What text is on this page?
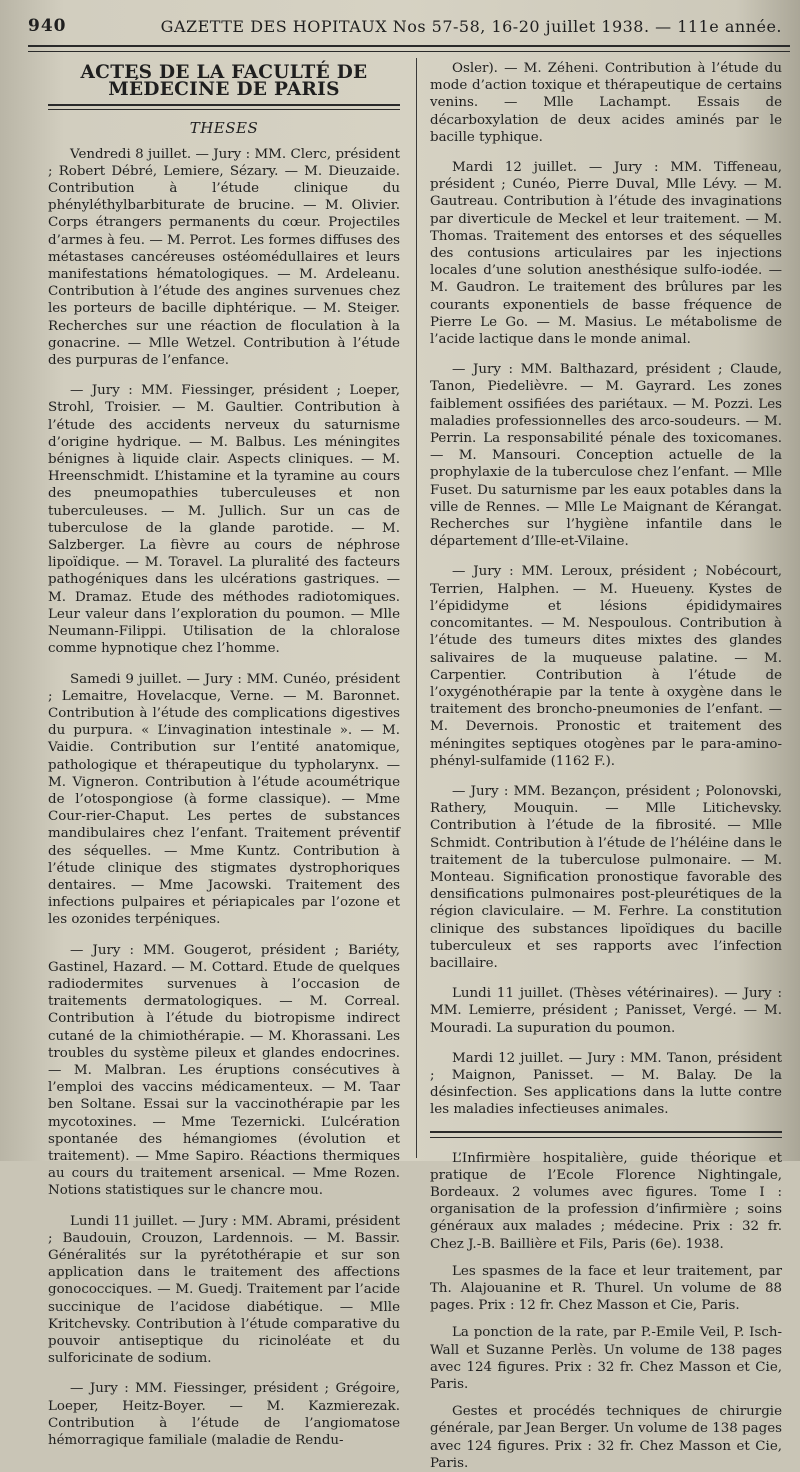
940	GAZETTE DES HOPITAUX Nos 57-58, 16-20 juillet 1938. — 111e année.
ACTES DE LA FACULTÉ DE MÉDECINE DE PARIS
THESES

Vendredi 8 juillet. — Jury : MM. Clerc, président ; Robert Débré, Lemiere, Sézary. — M. Dieuzaide. Contribution à l’étude clinique du phényléthylbarbiturate de brucine. — M. Olivier. Corps étrangers permanents du cœur. Projectiles d’armes à feu. — M. Perrot. Les formes diffuses des métastases cancéreuses ostéomédullaires et leurs manifestations hématologiques. — M. Ardeleanu. Contribution à l’étude des angines survenues chez les porteurs de bacille diphtérique. — M. Steiger. Recherches sur une réaction de floculation à la gonacrine. — Mlle Wetzel. Contribution à l’étude des purpuras de l’enfance.

— Jury : MM. Fiessinger, président ; Loeper, Strohl, Troisier. — M. Gaultier. Contribution à l’étude des accidents nerveux du saturnisme d’origine hydrique. — M. Balbus. Les méningites bénignes à liquide clair. Aspects cliniques. — M. Hreenschmidt. L’histamine et la tyramine au cours des pneumopathies tuberculeuses et non tuberculeuses. — M. Jullich. Sur un cas de tuberculose de la glande parotide. — M. Salzberger. La fièvre au cours de néphrose lipoïdique. — M. Toravel. La pluralité des facteurs pathogéniques dans les ulcérations gastriques. — M. Dramaz. Etude des méthodes radiotomiques. Leur valeur dans l’exploration du poumon. — Mlle Neumann-Filippi. Utilisation de la chloralose comme hypnotique chez l’homme.

Samedi 9 juillet. — Jury : MM. Cunéo, président ; Lemaitre, Hovelacque, Verne. — M. Baronnet. Contribution à l’étude des complications digestives du purpura. « L’invagination intestinale ». — M. Vaidie. Contribution sur l’entité anatomique, pathologique et thérapeutique du typholarynx. — M. Vigneron. Contribution à l’étude acoumétrique de l’otospongiose (à forme classique). — Mme Cour-rier-Chaput. Les pertes de substances mandibulaires chez l’enfant. Traitement préventif des séquelles. — Mme Kuntz. Contribution à l’étude clinique des stigmates dystrophoriques dentaires. — Mme Jacowski. Traitement des infections pulpaires et périapicales par l’ozone et les ozonides terpéniques.

— Jury : MM. Gougerot, président ; Bariéty, Gastinel, Hazard. — M. Cottard. Etude de quelques radiodermites survenues à l’occasion de traitements dermatologiques. — M. Correal. Contribution à l’étude du biotropisme indirect cutané de la chimiothérapie. — M. Khorassani. Les troubles du système pileux et glandes endocrines. — M. Malbran. Les éruptions consécutives à l’emploi des vaccins médicamenteux. — M. Taar ben Soltane. Essai sur la vaccinothérapie par les mycotoxines. — Mme Tezernicki. L’ulcération spontanée des hémangiomes (évolution et traitement). — Mme Sapiro. Réactions thermiques au cours du traitement arsenical. — Mme Rozen. Notions statistiques sur le chancre mou.

Lundi 11 juillet. — Jury : MM. Abrami, président ; Baudouin, Crouzon, Lardennois. — M. Bassir. Généralités sur la pyrétothérapie et sur son application dans le traitement des affections gonococciques. — M. Guedj. Traitement par l’acide succinique de l’acidose diabétique. — Mlle Kritchevsky. Contribution à l’étude comparative du pouvoir antiseptique du ricinoléate et du sulforicinate de sodium.

— Jury : MM. Fiessinger, président ; Grégoire, Loeper, Heitz-Boyer. — M. Kazmierezak. Contribution à l’étude de l’angiomatose hémorragique familiale (maladie de Rendu-

Osler). — M. Zéheni. Contribution à l’étude du mode d’action toxique et thérapeutique de certains venins. — Mlle Lachampt. Essais de décarboxylation de deux acides aminés par le bacille typhique.

Mardi 12 juillet. — Jury : MM. Tiffeneau, président ; Cunéo, Pierre Duval, Mlle Lévy. — M. Gautreau. Contribution à l’étude des invaginations par diverticule de Meckel et leur traitement. — M. Thomas. Traitement des entorses et des séquelles des contusions articulaires par les injections locales d’une solution anesthésique sulfo-iodée. — M. Gaudron. Le traitement des brûlures par les courants exponentiels de basse fréquence de Pierre Le Go. — M. Masius. Le métabolisme de l’acide lactique dans le monde animal.

— Jury : MM. Balthazard, président ; Claude, Tanon, Piedelièvre. — M. Gayrard. Les zones faiblement ossifiées des pariétaux. — M. Pozzi. Les maladies professionnelles des arco-soudeurs. — M. Perrin. La responsabilité pénale des toxicomanes. — M. Mansouri. Conception actuelle de la prophylaxie de la tuberculose chez l’enfant. — Mlle Fuset. Du saturnisme par les eaux potables dans la ville de Rennes. — Mlle Le Maignant de Kérangat. Recherches sur l’hygiène infantile dans le département d’Ille-et-Vilaine.

— Jury : MM. Leroux, président ; Nobécourt, Terrien, Halphen. — M. Hueueny. Kystes de l’épididyme et lésions épididymaires concomitantes. — M. Nespoulous. Contribution à l’étude des tumeurs dites mixtes des glandes salivaires de la muqueuse palatine. — M. Carpentier. Contribution à l’étude de l’oxygénothérapie par la tente à oxygène dans le traitement des broncho-pneumonies de l’enfant. — M. Devernois. Pronostic et traitement des méningites septiques otogènes par le para-amino-phényl-sulfamide (1162 F.).

— Jury : MM. Bezançon, président ; Polonovski, Rathery, Mouquin. — Mlle Litichevsky. Contribution à l’étude de la fibrosité. — Mlle Schmidt. Contribution à l’étude de l’héléine dans le traitement de la tuberculose pulmonaire. — M. Monteau. Signification pronostique favorable des densifications pulmonaires post-pleurétiques de la région claviculaire. — M. Ferhre. La constitution clinique des substances lipoïdiques du bacille tuberculeux et ses rapports avec l’infection bacillaire.

Lundi 11 juillet. (Thèses vétérinaires). — Jury : MM. Lemierre, président ; Panisset, Vergé. — M. Mouradi. La supuration du poumon.

Mardi 12 juillet. — Jury : MM. Tanon, président ; Maignon, Panisset. — M. Balay. De la désinfection. Ses applications dans la lutte contre les maladies infectieuses animales.

L’Infirmière hospitalière, guide théorique et pratique de l’Ecole Florence Nightingale, Bordeaux. 2 volumes avec figures. Tome I : organisation de la profession d’infirmière ; soins généraux aux malades ; médecine. Prix : 32 fr. Chez J.-B. Baillière et Fils, Paris (6e). 1938.

Les spasmes de la face et leur traitement, par Th. Alajouanine et R. Thurel. Un volume de 88 pages. Prix : 12 fr. Chez Masson et Cie, Paris.

La ponction de la rate, par P.-Emile Veil, P. Isch-Wall et Suzanne Perlès. Un volume de 138 pages avec 124 figures. Prix : 32 fr. Chez Masson et Cie, Paris.

Gestes et procédés techniques de chirurgie générale, par Jean Berger. Un volume de 138 pages avec 124 figures. Prix : 32 fr. Chez Masson et Cie, Paris.
